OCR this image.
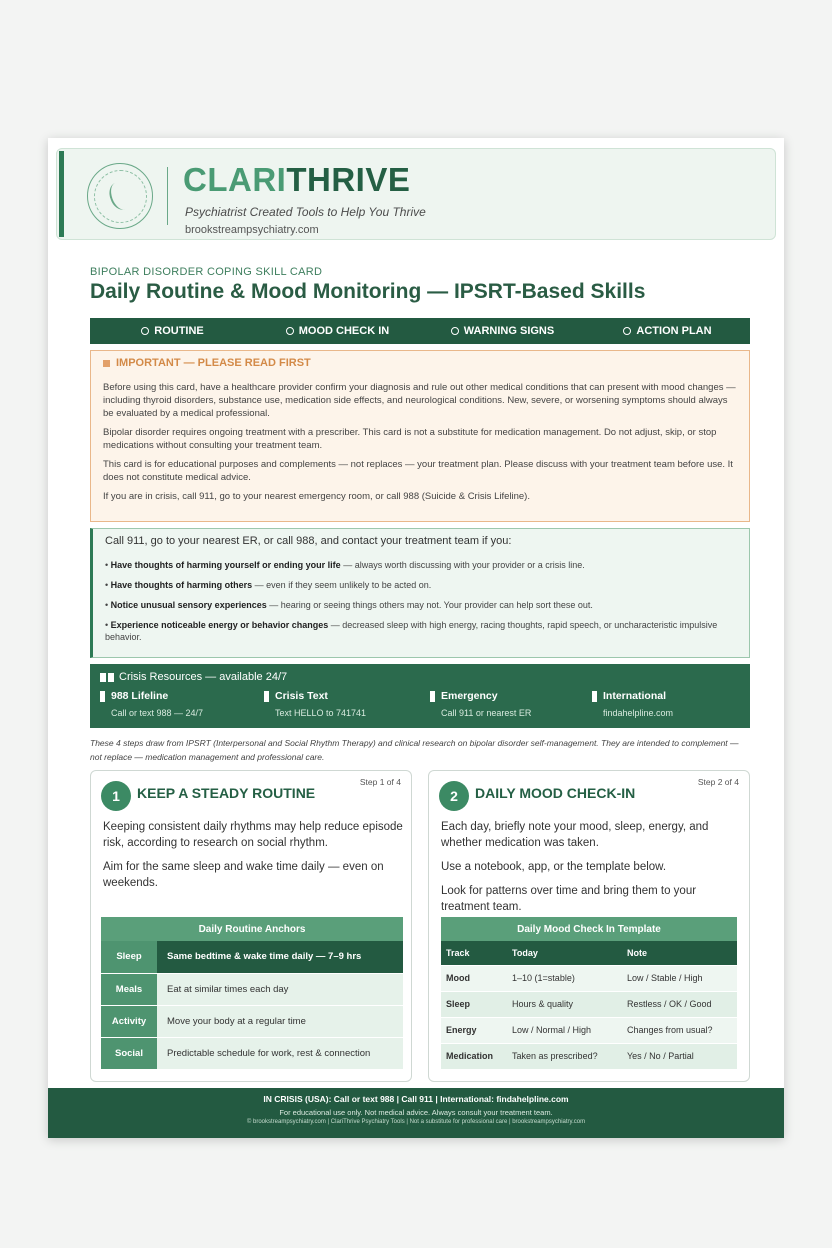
CLARITHRIVE
Psychiatrist Created Tools to Help You Thrive
brookstreampsychiatry.com
BIPOLAR DISORDER COPING SKILL CARD
Daily Routine & Mood Monitoring — IPSRT-Based Skills
ROUTINE	MOOD CHECK IN	WARNING SIGNS	ACTION PLAN
IMPORTANT — PLEASE READ FIRST

Before using this card, have a healthcare provider confirm your diagnosis and rule out other medical conditions that can present with mood changes — including thyroid disorders, substance use, medication side effects, and neurological conditions. New, severe, or worsening symptoms should always be evaluated by a medical professional.

Bipolar disorder requires ongoing treatment with a prescriber. This card is not a substitute for medication management. Do not adjust, skip, or stop medications without consulting your treatment team.

This card is for educational purposes and complements — not replaces — your treatment plan. Please discuss with your treatment team before use. It does not constitute medical advice.

If you are in crisis, call 911, go to your nearest emergency room, or call 988 (Suicide & Crisis Lifeline).

Call 911, go to your nearest ER, or call 988, and contact your treatment team if you:
• Have thoughts of harming yourself or ending your life — always worth discussing with your provider or a crisis line.
• Have thoughts of harming others — even if they seem unlikely to be acted on.
• Notice unusual sensory experiences — hearing or seeing things others may not. Your provider can help sort these out.
• Experience noticeable energy or behavior changes — decreased sleep with high energy, racing thoughts, rapid speech, or uncharacteristic impulsive behavior.
Crisis Resources — available 24/7
988 Lifeline
Call or text 988 — 24/7
Crisis Text
Text HELLO to 741741
Emergency
Call 911 or nearest ER
International
findahelpline.com
These 4 steps draw from IPSRT (Interpersonal and Social Rhythm Therapy) and clinical research on bipolar disorder self-management. They are intended to complement — not replace — medication management and professional care.
1	KEEP A STEADY ROUTINE
Step 1 of 4

Keeping consistent daily rhythms may help reduce episode risk, according to research on social rhythm.

Aim for the same sleep and wake time daily — even on weekends.

Daily Routine Anchors	
Sleep	Same bedtime & wake time daily — 7–9 hrs
Meals	Eat at similar times each day
Activity	Move your body at a regular time
Social	Predictable schedule for work, rest & connection
2	DAILY MOOD CHECK-IN
Step 2 of 4

Each day, briefly note your mood, sleep, energy, and whether medication was taken.

Use a notebook, app, or the template below.

Look for patterns over time and bring them to your treatment team.

Daily Mood Check In Template		
Track	Today	Note
Mood	1–10 (1=stable)	Low / Stable / High
Sleep	Hours & quality	Restless / OK / Good
Energy	Low / Normal / High	Changes from usual?
Medication	Taken as prescribed?	Yes / No / Partial
IN CRISIS (USA): Call or text 988 | Call 911 | International: findahelpline.com
For educational use only. Not medical advice. Always consult your treatment team.
© brookstreampsychiatry.com | ClariThrive Psychiatry Tools | Not a substitute for professional care | brookstreampsychiatry.com
